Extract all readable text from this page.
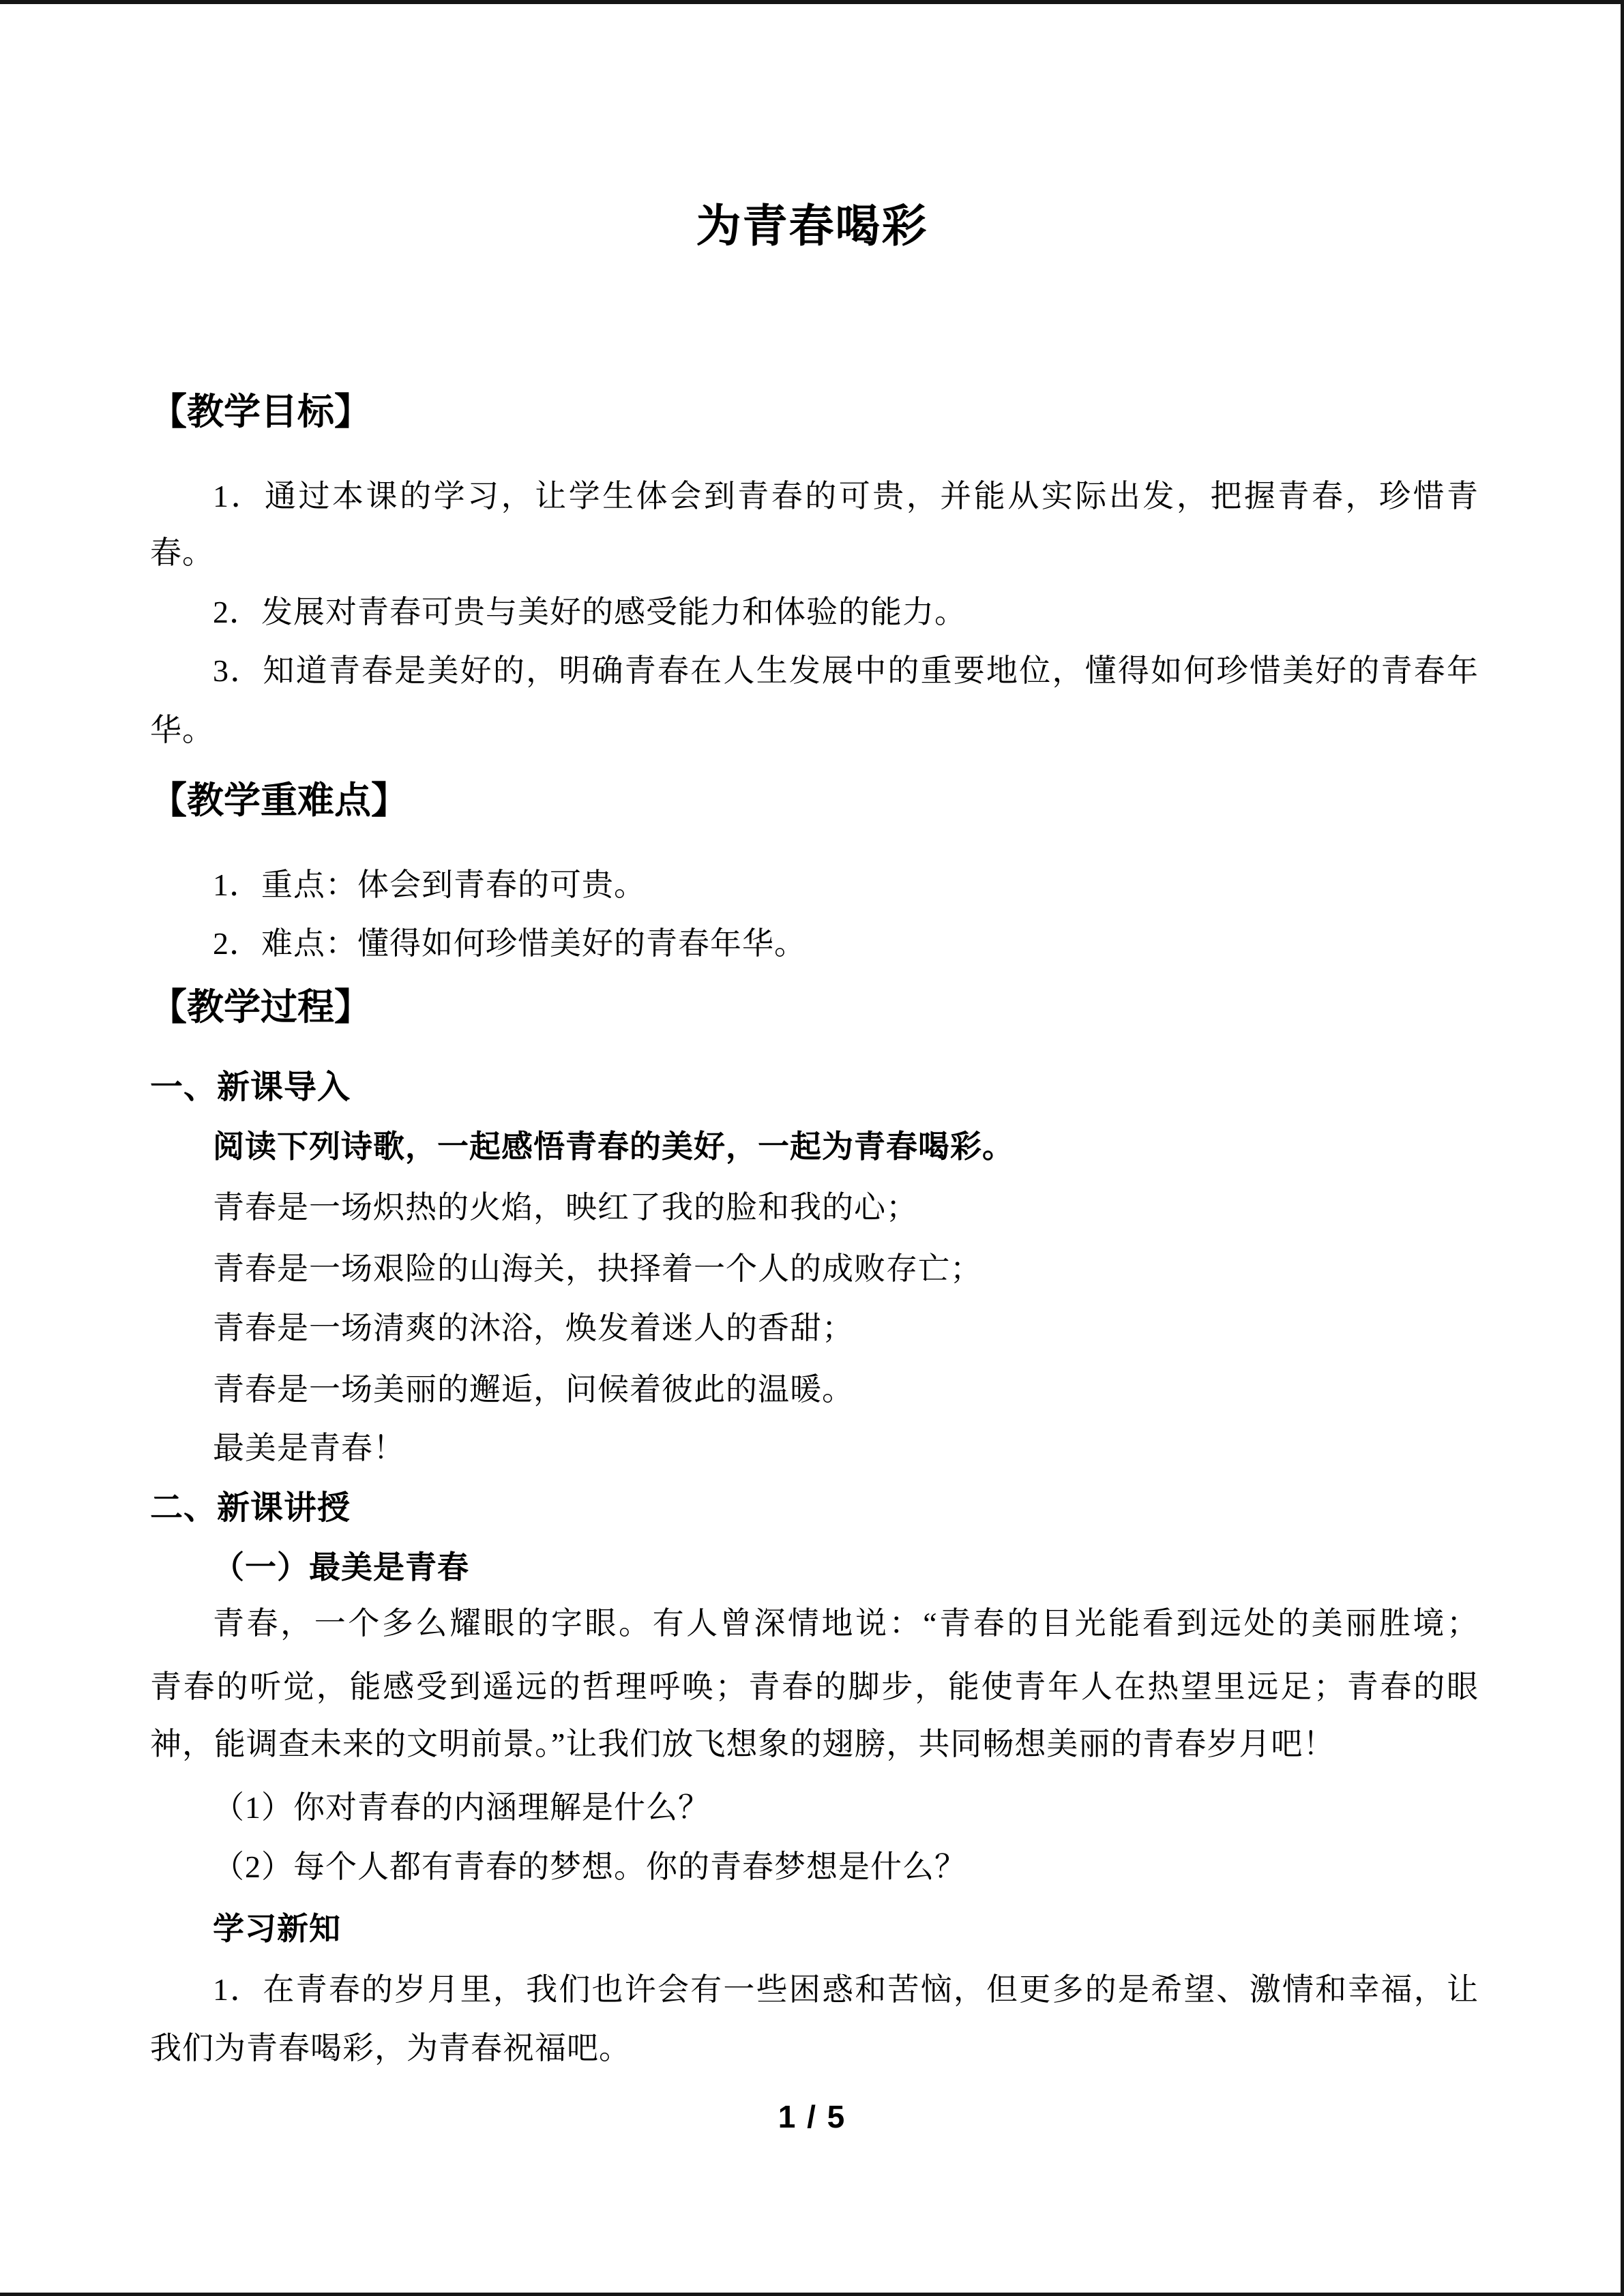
为青春喝彩
【教学目标】
1．通过本课的学习，让学生体会到青春的可贵，并能从实际出发，把握青春，珍惜青
春。
2．发展对青春可贵与美好的感受能力和体验的能力。
3．知道青春是美好的，明确青春在人生发展中的重要地位，懂得如何珍惜美好的青春年
华。
【教学重难点】
1．重点：体会到青春的可贵。
2．难点：懂得如何珍惜美好的青春年华。
【教学过程】
一、新课导入
阅读下列诗歌，一起感悟青春的美好，一起为青春喝彩。
青春是一场炽热的火焰，映红了我的脸和我的心；
青春是一场艰险的山海关，抉择着一个人的成败存亡；
青春是一场清爽的沐浴，焕发着迷人的香甜；
青春是一场美丽的邂逅，问候着彼此的温暖。
最美是青春！
二、新课讲授
（一）最美是青春
青春，一个多么耀眼的字眼。有人曾深情地说：“青春的目光能看到远处的美丽胜境；
青春的听觉，能感受到遥远的哲理呼唤；青春的脚步，能使青年人在热望里远足；青春的眼
神，能调查未来的文明前景。”让我们放飞想象的翅膀，共同畅想美丽的青春岁月吧！
（1）你对青春的内涵理解是什么？
（2）每个人都有青春的梦想。你的青春梦想是什么？
学习新知
1．在青春的岁月里，我们也许会有一些困惑和苦恼，但更多的是希望、激情和幸福，让
我们为青春喝彩，为青春祝福吧。
1 / 5
